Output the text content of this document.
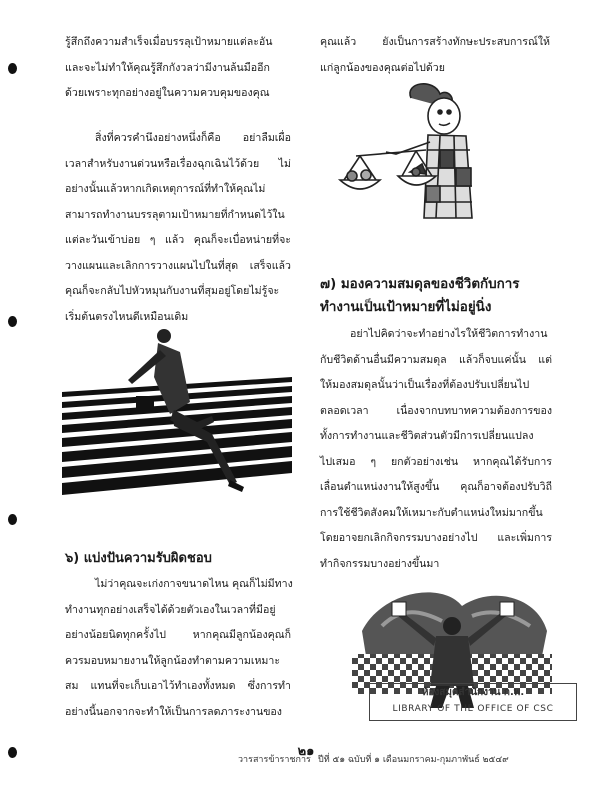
รู้สึกถึงความสำเร็จเมื่อบรรลุเป้าหมายแต่ละอัน

และจะไม่ทำให้คุณรู้สึกกังวลว่ามีงานล้นมืออีก

ด้วยเพราะทุกอย่างอยู่ในความควบคุมของคุณ

สิ่งที่ควรคำนึงอย่างหนึ่งก็คือ อย่าลืมเผื่อ

เวลาสำหรับงานด่วนหรือเรื่องฉุกเฉินไว้ด้วย ไม่

อย่างนั้นแล้วหากเกิดเหตุการณ์ที่ทำให้คุณไม่

สามารถทำงานบรรลุตามเป้าหมายที่กำหนดไว้ใน

แต่ละวันเข้าบ่อย ๆ แล้ว คุณก็จะเบื่อหน่ายที่จะ

วางแผนและเลิกการวางแผนไปในที่สุด เสร็จแล้ว

คุณก็จะกลับไปหัวหมุนกับงานที่สุมอยู่โดยไม่รู้จะ

เริ่มต้นตรงไหนดีเหมือนเดิม

๖) แบ่งปันความรับผิดชอบ

ไม่ว่าคุณจะเก่งกาจขนาดไหน คุณก็ไม่มีทาง

ทำงานทุกอย่างเสร็จได้ด้วยตัวเองในเวลาที่มีอยู่

อย่างน้อยนิดทุกครั้งไป หากคุณมีลูกน้องคุณก็

ควรมอบหมายงานให้ลูกน้องทำตามความเหมาะ

สม แทนที่จะเก็บเอาไว้ทำเองทั้งหมด ซึ่งการทำ

อย่างนี้นอกจากจะทำให้เป็นการลดภาระงานของ

คุณแล้ว ยังเป็นการสร้างทักษะประสบการณ์ให้

แก่ลูกน้องของคุณต่อไปด้วย

๗) มองความสมดุลของชีวิตกับการ
ทำงานเป็นเป้าหมายที่ไม่อยู่นิ่ง

อย่าไปคิดว่าจะทำอย่างไรให้ชีวิตการทำงาน

กับชีวิตด้านอื่นมีความสมดุล แล้วก็จบแค่นั้น แต่

ให้มองสมดุลนั้นว่าเป็นเรื่องที่ต้องปรับเปลี่ยนไป

ตลอดเวลา เนื่องจากบทบาทความต้องการของ

ทั้งการทำงานและชีวิตส่วนตัวมีการเปลี่ยนแปลง

ไปเสมอ ๆ ยกตัวอย่างเช่น หากคุณได้รับการ

เลื่อนตำแหน่งงานให้สูงขึ้น คุณก็อาจต้องปรับวิถี

การใช้ชีวิตสังคมให้เหมาะกับตำแหน่งใหม่มากขึ้น

โดยอาจยกเลิกกิจกรรมบางอย่างไป และเพิ่มการ

ทำกิจกรรมบางอย่างขึ้นมา

ห้องสมุดสำนักงาน ก.พ.
LIBRARY OF THE OFFICE OF CSC
๒๑
วารสารข้าราชการ ปีที่ ๕๑ ฉบับที่ ๑ เดือนมกราคม-กุมภาพันธ์ ๒๕๔๙
